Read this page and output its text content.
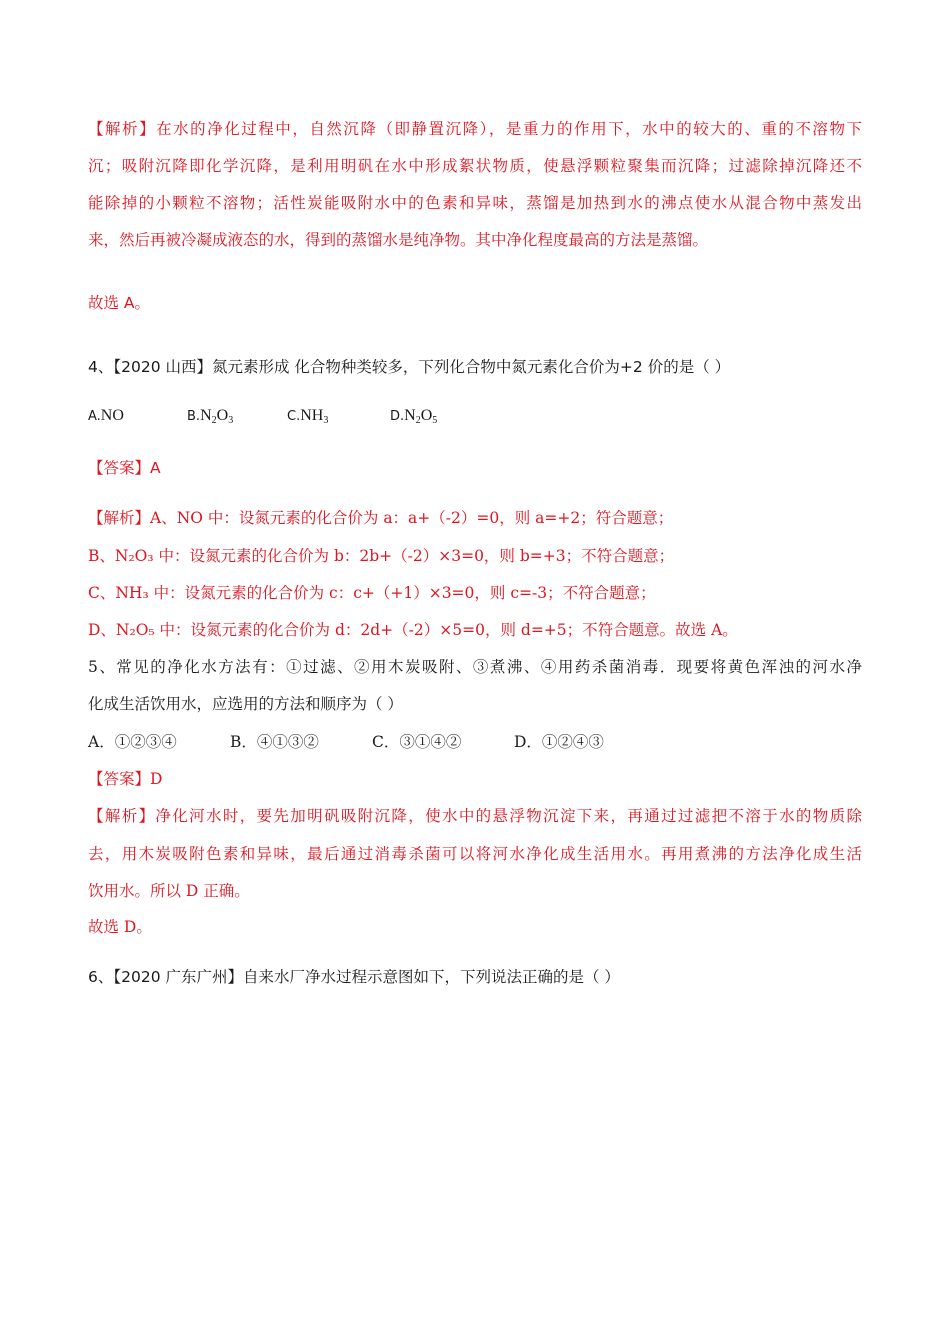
【解析】在水的净化过程中，自然沉降（即静置沉降），是重力的作用下，水中的较大的、重的不溶物下
沉；吸附沉降即化学沉降，是利用明矾在水中形成絮状物质，使悬浮颗粒聚集而沉降；过滤除掉沉降还不
能除掉的小颗粒不溶物；活性炭能吸附水中的色素和异味，蒸馏是加热到水的沸点使水从混合物中蒸发出
来，然后再被冷凝成液态的水，得到的蒸馏水是纯净物。其中净化程度最高的方法是蒸馏。
故选 A。
4、【2020 山西】氮元素形成 化合物种类较多，下列化合物中氮元素化合价为+2 价的是（ ）
A.NO	$B.N_2O_3$	$C.NH_3$	$D.N_2O_5$
【答案】A
【解析】A、NO 中：设氮元素的化合价为 a：a+（-2）=0，则 a=+2；符合题意；
B、N₂O₃ 中：设氮元素的化合价为 b：2b+（-2）×3=0，则 b=+3；不符合题意；
C、NH₃ 中：设氮元素的化合价为 c：c+（+1）×3=0，则 c=-3；不符合题意；
D、N₂O₅ 中：设氮元素的化合价为 d：2d+（-2）×5=0，则 d=+5；不符合题意。故选 A。
5、常见的净化水方法有：①过滤、②用木炭吸附、③煮沸、④用药杀菌消毒．现要将黄色浑浊的河水净
化成生活饮用水，应选用的方法和顺序为（ ）
A．①②③④	B．④①③②	C．③①④②	D．①②④③
【答案】D
【解析】净化河水时，要先加明矾吸附沉降，使水中的悬浮物沉淀下来，再通过过滤把不溶于水的物质除
去，用木炭吸附色素和异味，最后通过消毒杀菌可以将河水净化成生活用水。再用煮沸的方法净化成生活
饮用水。所以 D 正确。
故选 D。
6、【2020 广东广州】自来水厂净水过程示意图如下，下列说法正确的是（ ）
